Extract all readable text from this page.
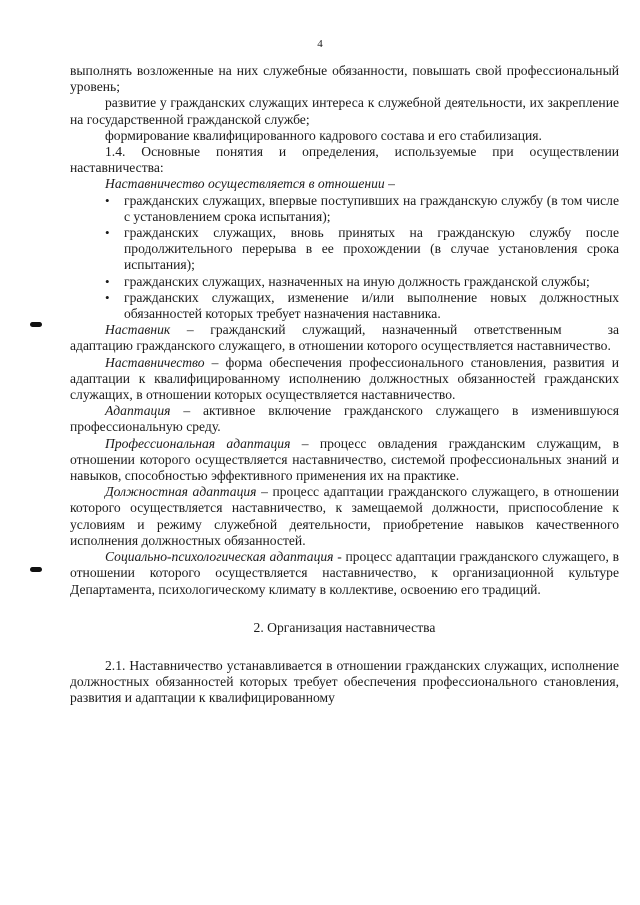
4

выполнять возложенные на них служебные обязанности, повышать свой профессиональный уровень;

развитие у гражданских служащих интереса к служебной деятельности, их закрепление на государственной гражданской службе;

формирование квалифицированного кадрового состава и его стабилизация.

1.4. Основные понятия и определения, используемые при осуществлении наставничества:

Наставничество осуществляется в отношении –

• гражданских служащих, впервые поступивших на гражданскую службу (в том числе с установлением срока испытания);
• гражданских служащих, вновь принятых на гражданскую службу после продолжительного перерыва в ее прохождении (в случае установления срока испытания);
• гражданских служащих, назначенных на иную должность гражданской службы;
• гражданских служащих, изменение и/или выполнение новых должностных обязанностей которых требует назначения наставника.

Наставник – гражданский служащий, назначенный ответственным	за адаптацию гражданского служащего, в отношении которого осуществляется наставничество.

Наставничество – форма обеспечения профессионального становления, развития и адаптации к квалифицированному исполнению должностных обязанностей гражданских служащих, в отношении которых осуществляется наставничество.

Адаптация – активное включение гражданского служащего в изменившуюся профессиональную среду.

Профессиональная адаптация – процесс овладения гражданским служащим, в отношении которого осуществляется наставничество, системой профессиональных знаний и навыков, способностью эффективного применения их на практике.

Должностная адаптация – процесс адаптации гражданского служащего, в отношении которого осуществляется наставничество, к замещаемой должности, приспособление к условиям и режиму служебной деятельности, приобретение навыков качественного исполнения должностных обязанностей.

Социально-психологическая адаптация - процесс адаптации гражданского служащего, в отношении которого осуществляется наставничество, к организационной культуре Департамента, психологическому климату в коллективе, освоению его традиций.

2. Организация наставничества

2.1. Наставничество устанавливается в отношении гражданских служащих, исполнение должностных обязанностей которых требует обеспечения профессионального становления, развития и адаптации к квалифицированному
